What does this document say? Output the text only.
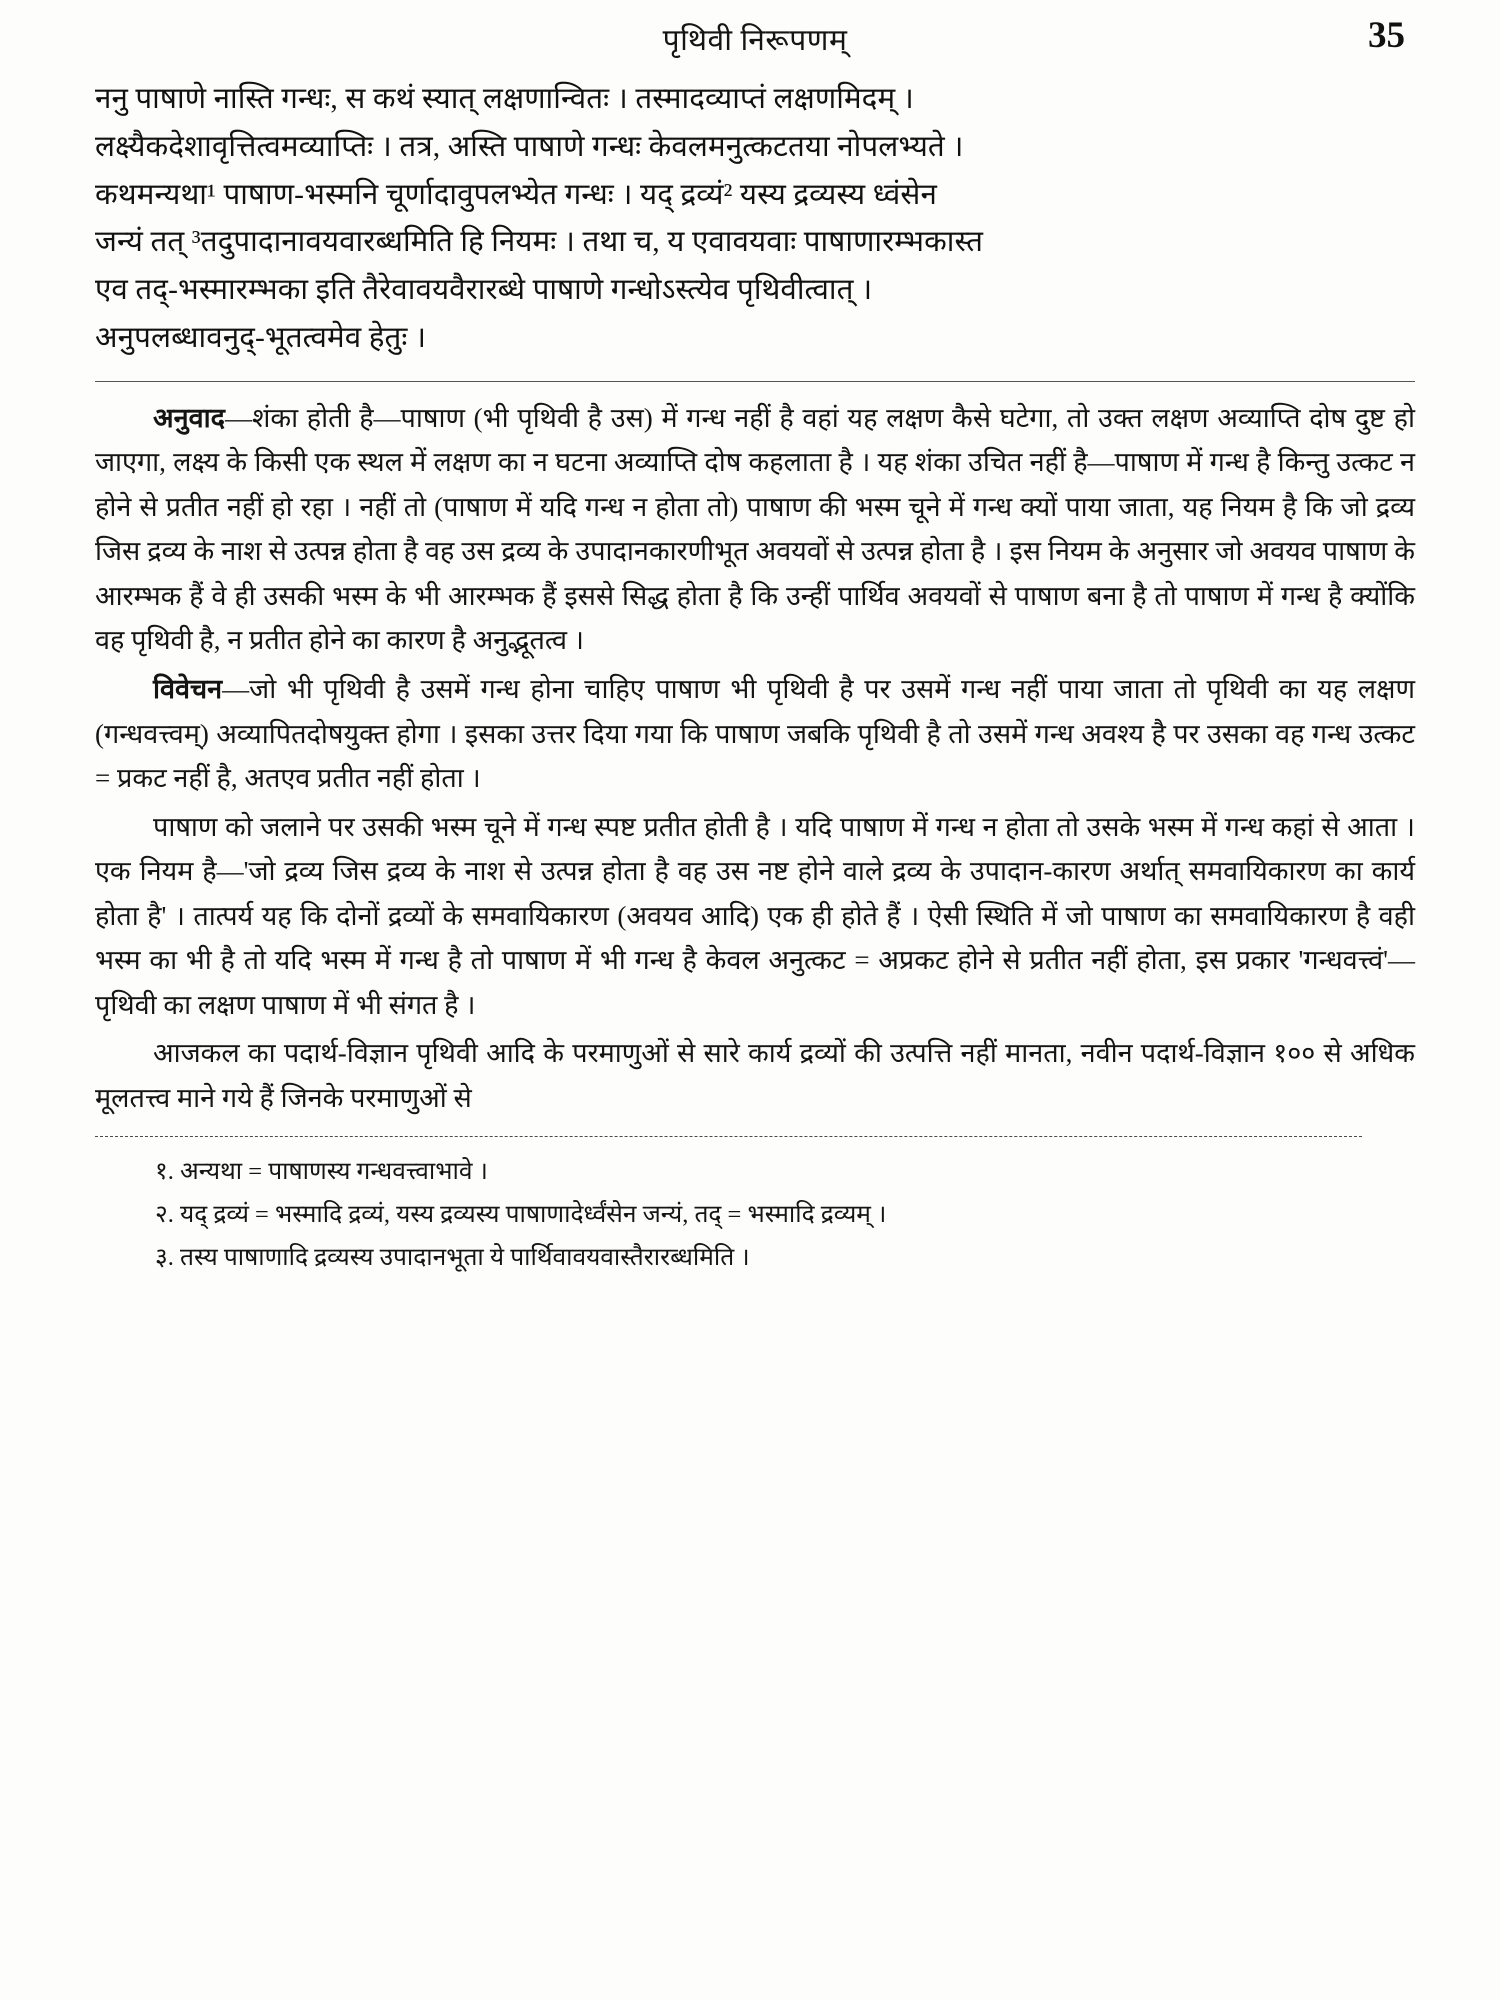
पृथिवी निरूपणम्	35
ननु पाषाणे नास्ति गन्धः, स कथं स्यात् लक्षणान्वितः । तस्मादव्याप्तं लक्षणमिदम् ।
लक्ष्यैकदेशावृत्तित्वमव्याप्तिः । तत्र, अस्ति पाषाणे गन्धः केवलमनुत्कटतया नोपलभ्यते ।
कथमन्यथा¹ पाषाण-भस्मनि चूर्णादावुपलभ्येत गन्धः । यद् द्रव्यं² यस्य द्रव्यस्य ध्वंसेन
जन्यं तत् ³तदुपादानावयवारब्धमिति हि नियमः । तथा च, य एवावयवाः पाषाणारम्भकास्त
एव तद्-भस्मारम्भका इति तैरेवावयवैरारब्धे पाषाणे गन्धोऽस्त्येव पृथिवीत्वात् ।
अनुपलब्धावनुद्-भूतत्वमेव हेतुः ।

अनुवाद—शंका होती है—पाषाण (भी पृथिवी है उस) में गन्ध नहीं है वहां यह लक्षण कैसे घटेगा, तो उक्त लक्षण अव्याप्ति दोष दुष्ट हो जाएगा, लक्ष्य के किसी एक स्थल में लक्षण का न घटना अव्याप्ति दोष कहलाता है । यह शंका उचित नहीं है—पाषाण में गन्ध है किन्तु उत्कट न होने से प्रतीत नहीं हो रहा । नहीं तो (पाषाण में यदि गन्ध न होता तो) पाषाण की भस्म चूने में गन्ध क्यों पाया जाता, यह नियम है कि जो द्रव्य जिस द्रव्य के नाश से उत्पन्न होता है वह उस द्रव्य के उपादानकारणीभूत अवयवों से उत्पन्न होता है । इस नियम के अनुसार जो अवयव पाषाण के आरम्भक हैं वे ही उसकी भस्म के भी आरम्भक हैं इससे सिद्ध होता है कि उन्हीं पार्थिव अवयवों से पाषाण बना है तो पाषाण में गन्ध है क्योंकि वह पृथिवी है, न प्रतीत होने का कारण है अनुद्भूतत्व ।

विवेचन—जो भी पृथिवी है उसमें गन्ध होना चाहिए पाषाण भी पृथिवी है पर उसमें गन्ध नहीं पाया जाता तो पृथिवी का यह लक्षण (गन्धवत्त्वम्) अव्यापितदोषयुक्त होगा । इसका उत्तर दिया गया कि पाषाण जबकि पृथिवी है तो उसमें गन्ध अवश्य है पर उसका वह गन्ध उत्कट = प्रकट नहीं है, अतएव प्रतीत नहीं होता ।

पाषाण को जलाने पर उसकी भस्म चूने में गन्ध स्पष्ट प्रतीत होती है । यदि पाषाण में गन्ध न होता तो उसके भस्म में गन्ध कहां से आता । एक नियम है—'जो द्रव्य जिस द्रव्य के नाश से उत्पन्न होता है वह उस नष्ट होने वाले द्रव्य के उपादान-कारण अर्थात् समवायिकारण का कार्य होता है' । तात्पर्य यह कि दोनों द्रव्यों के समवायिकारण (अवयव आदि) एक ही होते हैं । ऐसी स्थिति में जो पाषाण का समवायिकारण है वही भस्म का भी है तो यदि भस्म में गन्ध है तो पाषाण में भी गन्ध है केवल अनुत्कट = अप्रकट होने से प्रतीत नहीं होता, इस प्रकार 'गन्धवत्त्वं'—पृथिवी का लक्षण पाषाण में भी संगत है ।

आजकल का पदार्थ-विज्ञान पृथिवी आदि के परमाणुओं से सारे कार्य द्रव्यों की उत्पत्ति नहीं मानता, नवीन पदार्थ-विज्ञान १०० से अधिक मूलतत्त्व माने गये हैं जिनके परमाणुओं से

१. अन्यथा = पाषाणस्य गन्धवत्त्वाभावे ।
२. यद् द्रव्यं = भस्मादि द्रव्यं, यस्य द्रव्यस्य पाषाणादेर्ध्वंसेन जन्यं, तद् = भस्मादि द्रव्यम् ।
३. तस्य पाषाणादि द्रव्यस्य उपादानभूता ये पार्थिवावयवास्तैरारब्धमिति ।
